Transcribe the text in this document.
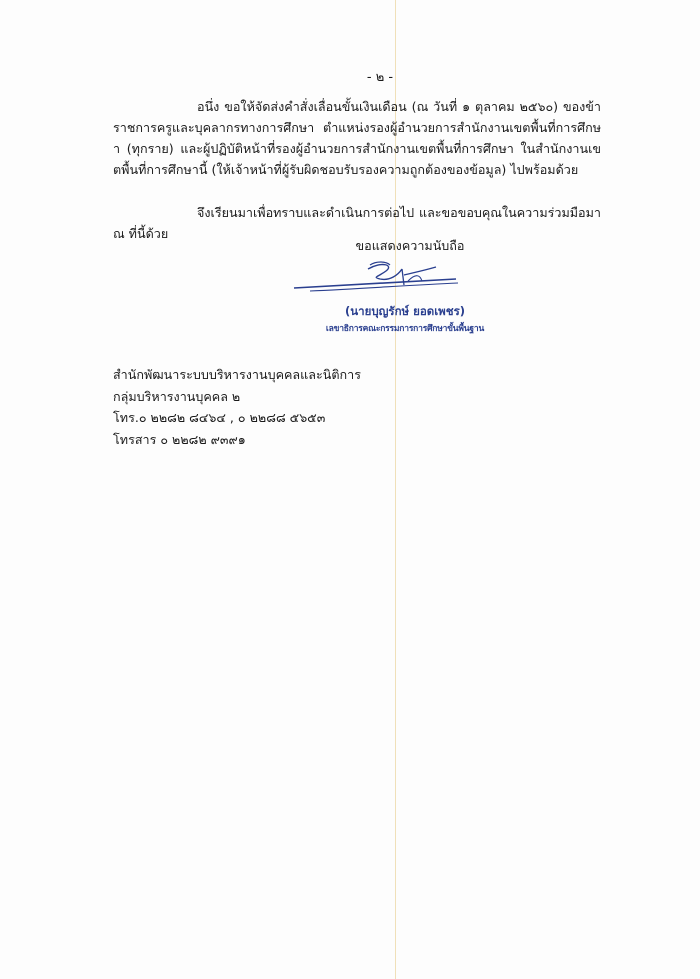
- ๒ -
อนึ่ง ขอให้จัดส่งคำสั่งเลื่อนขั้นเงินเดือน (ณ วันที่ ๑ ตุลาคม ๒๕๖๐) ของข้าราชการครูและบุคลากรทางการศึกษา ตำแหน่งรองผู้อำนวยการสำนักงานเขตพื้นที่การศึกษา (ทุกราย) และผู้ปฏิบัติหน้าที่รองผู้อำนวยการสำนักงานเขตพื้นที่การศึกษา ในสำนักงานเขตพื้นที่การศึกษานี้ (ให้เจ้าหน้าที่ผู้รับผิดชอบรับรองความถูกต้องของข้อมูล) ไปพร้อมด้วย
จึงเรียนมาเพื่อทราบและดำเนินการต่อไป และขอขอบคุณในความร่วมมือมา ณ ที่นี้ด้วย
ขอแสดงความนับถือ
(นายบุญรักษ์ ยอดเพชร)
เลขาธิการคณะกรรมการการศึกษาขั้นพื้นฐาน
สำนักพัฒนาระบบบริหารงานบุคคลและนิติการ
กลุ่มบริหารงานบุคคล ๒
โทร.๐ ๒๒๘๒ ๘๔๖๔ , ๐ ๒๒๘๘ ๕๖๕๓
โทรสาร ๐ ๒๒๘๒ ๙๓๙๑
